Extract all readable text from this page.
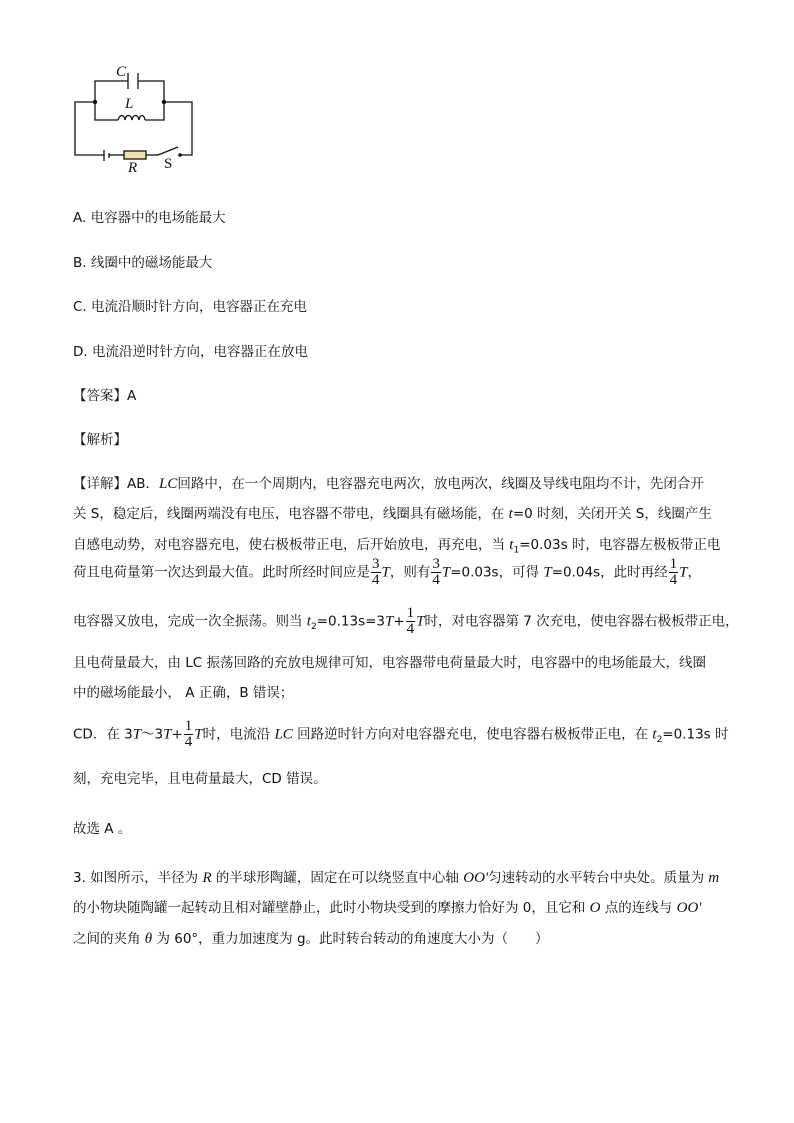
C
L
R S
A. 电容器中的电场能最大
B. 线圈中的磁场能最大
C. 电流沿顺时针方向，电容器正在充电
D. 电流沿逆时针方向，电容器正在放电
【答案】A
【解析】
【详解】AB．LC回路中，在一个周期内，电容器充电两次，放电两次，线圈及导线电阻均不计，先闭合开
关 S，稳定后，线圈两端没有电压，电容器不带电，线圈具有磁场能，在 t=0 时刻，关闭开关 S，线圈产生
自感电动势，对电容器充电，使右极板带正电，后开始放电，再充电，当 $t_1=0.03s$ 时，电容器左极板带正电
荷且电荷量第一次达到最大值。此时所经时间应是 $\frac{3}{4}$ T，则有 $\frac{3}{4} T=0.03s$，可得 T=0.04s，此时再经 $\frac{1}{4}$ T，
电容器又放电，完成一次全振荡。则当 $t_2=0.13s=3T+ \frac{1}{4}$ T时，对电容器第 7 次充电，使电容器右极板带正电，
且电荷量最大，由 LC 振荡回路的充放电规律可知，电容器带电荷量最大时，电容器中的电场能最大，线圈
中的磁场能最小， A 正确，B 错误；
CD．在 3T～3T+ $\frac{1}{4}$ T时，电流沿 LC 回路逆时针方向对电容器充电，使电容器右极板带正电，在 $t_2=0.13s$ 时
刻，充电完毕，且电荷量最大，CD 错误。
故选 A 。
3. 如图所示，半径为 R 的半球形陶罐，固定在可以绕竖直中心轴 OO'匀速转动的水平转台中央处。质量为 m
的小物块随陶罐一起转动且相对罐壁静止，此时小物块受到的摩擦力恰好为 0，且它和 O 点的连线与 OO'
之间的夹角 θ 为 60°，重力加速度为 g。此时转台转动的角速度大小为（　　）
